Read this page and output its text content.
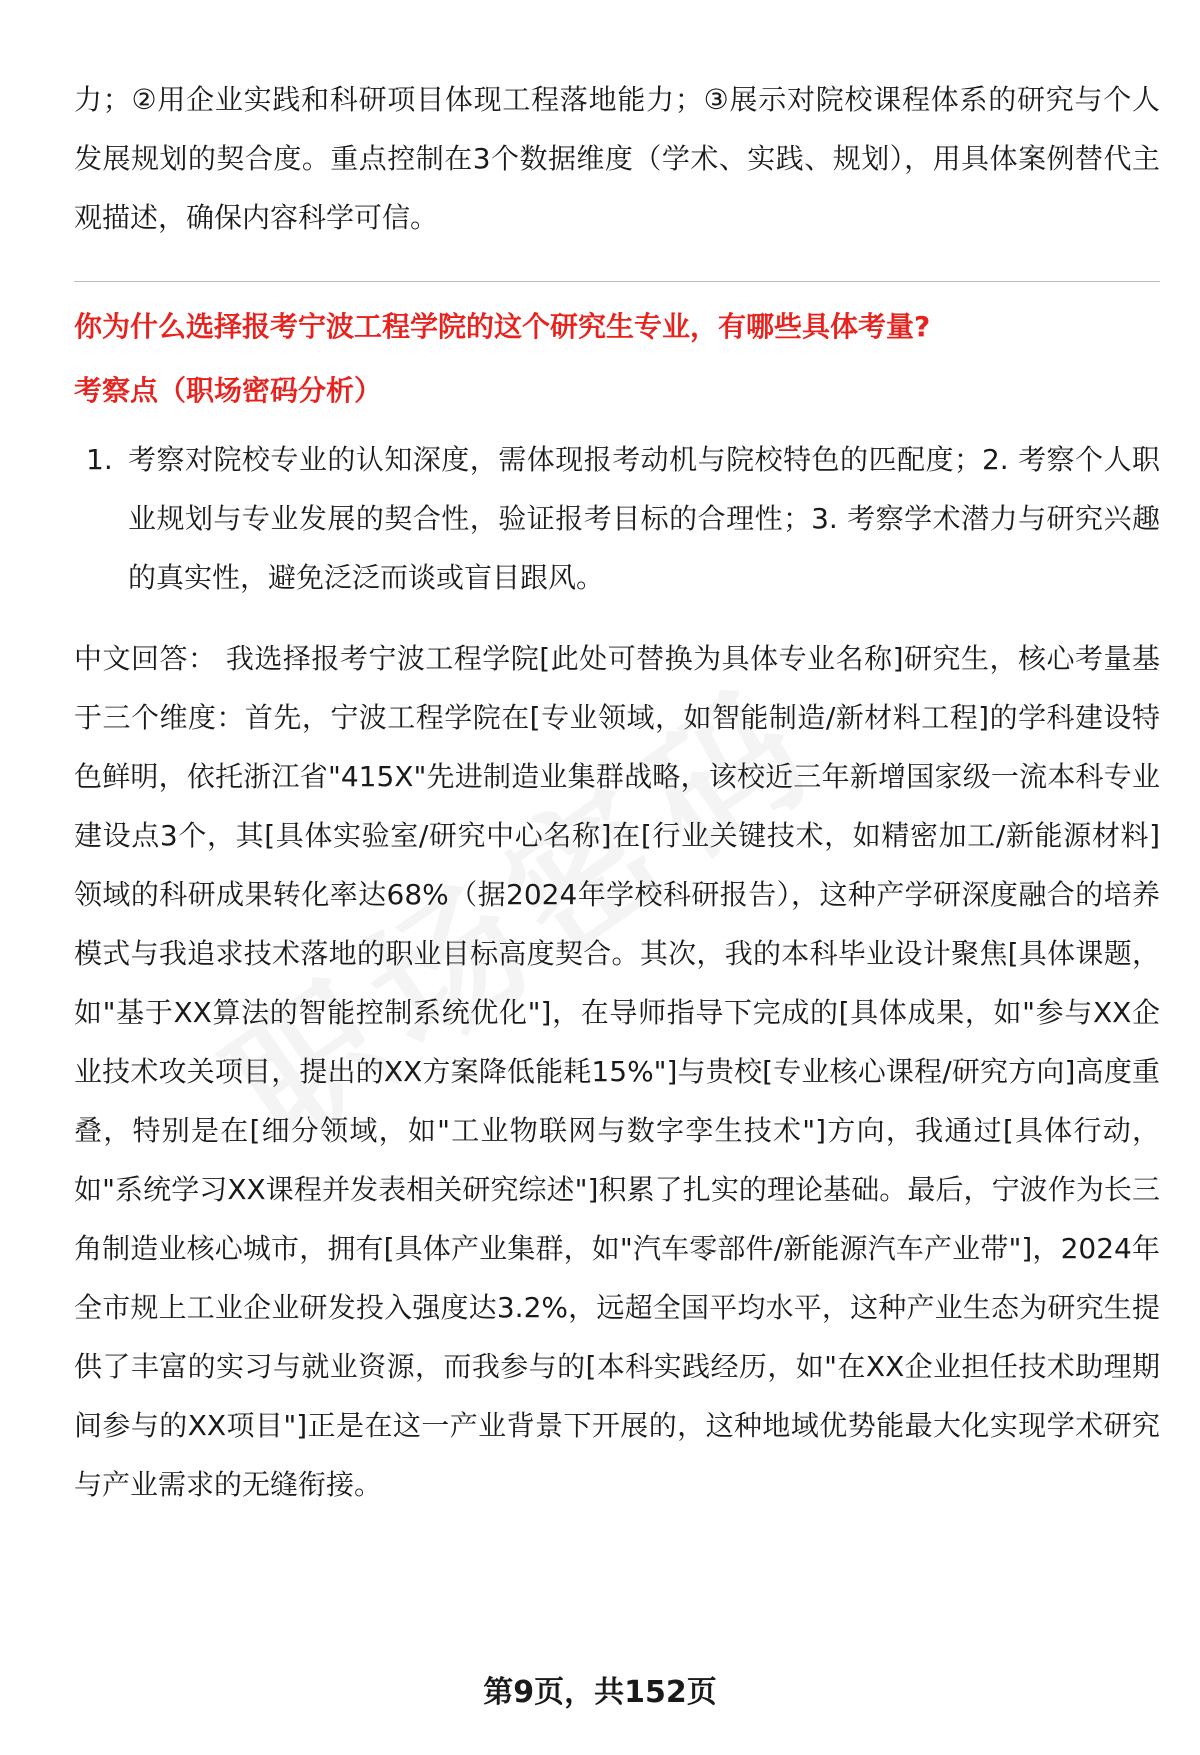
力；②用企业实践和科研项目体现工程落地能力；③展示对院校课程体系的研究与个人发展规划的契合度。重点控制在3个数据维度（学术、实践、规划），用具体案例替代主观描述，确保内容科学可信。

你为什么选择报考宁波工程学院的这个研究生专业，有哪些具体考量?
考察点（职场密码分析）
1. 考察对院校专业的认知深度，需体现报考动机与院校特色的匹配度；2. 考察个人职业规划与专业发展的契合性，验证报考目标的合理性；3. 考察学术潜力与研究兴趣的真实性，避免泛泛而谈或盲目跟风。

中文回答： 我选择报考宁波工程学院[此处可替换为具体专业名称]研究生，核心考量基于三个维度：首先，宁波工程学院在[专业领域，如智能制造/新材料工程]的学科建设特色鲜明，依托浙江省"415X"先进制造业集群战略，该校近三年新增国家级一流本科专业建设点3个，其[具体实验室/研究中心名称]在[行业关键技术，如精密加工/新能源材料]领域的科研成果转化率达68%（据2024年学校科研报告），这种产学研深度融合的培养模式与我追求技术落地的职业目标高度契合。其次，我的本科毕业设计聚焦[具体课题，如"基于XX算法的智能控制系统优化"]，在导师指导下完成的[具体成果，如"参与XX企业技术攻关项目，提出的XX方案降低能耗15%"]与贵校[专业核心课程/研究方向]高度重叠，特别是在[细分领域，如"工业物联网与数字孪生技术"]方向，我通过[具体行动，如"系统学习XX课程并发表相关研究综述"]积累了扎实的理论基础。最后，宁波作为长三角制造业核心城市，拥有[具体产业集群，如"汽车零部件/新能源汽车产业带"]，2024年全市规上工业企业研发投入强度达3.2%，远超全国平均水平，这种产业生态为研究生提供了丰富的实习与就业资源，而我参与的[本科实践经历，如"在XX企业担任技术助理期间参与的XX项目"]正是在这一产业背景下开展的，这种地域优势能最大化实现学术研究与产业需求的无缝衔接。

第9页，共152页
